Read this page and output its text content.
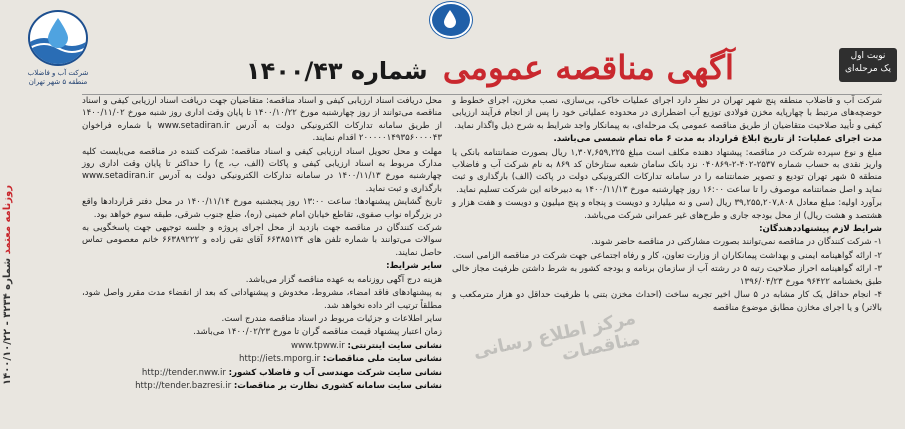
شرکت آب و فاضلاب
منطقه ۵ شهر تهران
نوبت اول
یک مرحله‌ای
آگهی مناقصه عمومی شماره ۱۴۰۰/۴۳

شرکت آب و فاضلاب منطقه پنج شهر تهران در نظر دارد اجرای عملیات خاکی، بی‌سازی، نصب مخزن، اجرای خطوط و حوضچه‌های مرتبط با چهارپایه مخزن فولادی توزیع آب اضطراری در محدوده عملیاتی خود را پس از انجام فرآیند ارزیابی کیفی و تأیید صلاحیت متقاضیان از طریق مناقصه عمومی یک مرحله‌ای، به پیمانکار واجد شرایط به شرح ذیل واگذار نماید.

مدت اجرای عملیات: از تاریخ ابلاغ قرارداد به مدت ۶ ماه تمام شمسی می‌باشد.

مبلغ و نوع سپرده شرکت در مناقصه: پیشنهاد دهنده مکلف است مبلغ ۱,۳۰۷,۶۵۹,۲۲۵ ریال بصورت ضمانتنامه بانکی یا واریز نقدی به حساب شماره ۲۵۳۷-۴۰۲-۲-۰۴۰۸۶۹ نزد بانک سامان شعبه ستارخان کد ۸۶۹ به نام شرکت آب و فاضلاب منطقه ۵ شهر تهران تودیع و تصویر ضمانتنامه را در سامانه تدارکات الکترونیکی دولت در پاکت (الف) بارگذاری و ثبت نماید و اصل ضمانتنامه موصوف را تا ساعت ۱۶:۰۰ روز چهارشنبه مورخ ۱۴۰۰/۱۱/۱۳ به دبیرخانه این شرکت تسلیم نماید.

برآورد اولیه: مبلغ معادل ۳۹,۲۵۵,۲۰۷,۸۰۸ ریال (سی و نه میلیارد و دویست و پنجاه و پنج میلیون و دویست و هفت هزار و هشتصد و هشت ریال) از محل بودجه جاری و طرح‌های غیر عمرانی شرکت می‌باشد.

شرایط لازم پیشنهاددهندگان:

۱- شرکت کنندگان در مناقصه نمی‌توانند بصورت مشارکتی در مناقصه حاضر شوند.

۲- ارائه گواهینامه ایمنی و بهداشت پیمانکاران از وزارت تعاون، کار و رفاه اجتماعی جهت شرکت در مناقصه الزامی است.

۳- ارائه گواهینامه احراز صلاحیت رتبه ۵ در رشته آب از سازمان برنامه و بودجه کشور به شرط داشتن ظرفیت مجاز خالی طبق بخشنامه ۹۶۴۲۲ مورخ ۱۳۹۶/۰۴/۲۳

۴- انجام حداقل یک کار مشابه در ۵ سال اخیر تجربه ساخت (احداث مخزن بتنی با ظرفیت حداقل دو هزار مترمکعب و بالاتر) و یا اجرای مخازن مطابق موضوع مناقصه

محل دریافت اسناد ارزیابی کیفی و اسناد مناقصه: متقاضیان جهت دریافت اسناد ارزیابی کیفی و اسناد مناقصه می‌توانند از روز چهارشنبه مورخ ۱۴۰۰/۱۰/۲۲ تا پایان وقت اداری روز شنبه مورخ ۱۴۰۰/۱۱/۰۲ از طریق سامانه تدارکات الکترونیکی دولت به آدرس www.setadiran.ir با شماره فراخوان ۲۰۰۰۰۰۱۴۹۳۵۶۰۰۰۰۴۳ اقدام نمایند.

مهلت و محل تحویل اسناد ارزیابی کیفی و اسناد مناقصه: شرکت کننده در مناقصه می‌بایست کلیه مدارک مربوط به اسناد ارزیابی کیفی و پاکات (الف، ب، ج) را حداکثر تا پایان وقت اداری روز چهارشنبه مورخ ۱۴۰۰/۱۱/۱۳ در سامانه تدارکات الکترونیکی دولت به آدرس www.setadiran.ir بارگذاری و ثبت نماید.

تاریخ گشایش پیشنهادها: ساعت ۱۳:۰۰ روز پنجشنبه مورخ ۱۴۰۰/۱۱/۱۴ در محل دفتر قراردادها واقع در بزرگراه نواب صفوی، تقاطع خیابان امام خمینی (ره)، ضلع جنوب شرقی، طبقه سوم خواهد بود.

شرکت کنندگان در مناقصه جهت بازدید از محل اجرای پروژه و جلسه توجیهی جهت پاسخگویی به سوالات می‌توانند با شماره تلفن های ۶۶۳۸۵۱۲۴ آقای تقی زاده و ۶۶۳۸۹۲۲۲ خانم معصومی تماس حاصل نمایند.

سایر شرایط:

هزینه درج آگهی روزنامه به عهده مناقصه گزار می‌باشد.

به پیشنهادهای فاقد امضاء، مشروط، مخدوش و پیشنهاداتی که بعد از انقضاء مدت مقرر واصل شود، مطلقاً ترتیب اثر داده نخواهد شد.

سایر اطلاعات و جزئیات مربوط در اسناد مناقصه مندرج است.

زمان اعتبار پیشنهاد قیمت مناقصه گران تا مورخ ۱۴۰۰/۰۲/۲۳ می‌باشد.

نشانی سایت اینترنتی: www.tpww.ir

نشانی سایت ملی مناقصات: http://iets.mporg.ir

نشانی سایت شرکت مهندسی آب و فاضلاب کشور: http://tender.nww.ir

نشانی سایت سامانه کشوری نظارت بر مناقصات: http://tender.bazresi.ir

روزنامه معتمد شماره ۳۲۳۴ - ۱۴۰۰/۱۰/۲۲
مرکز اطلاع رسانی مناقصات
